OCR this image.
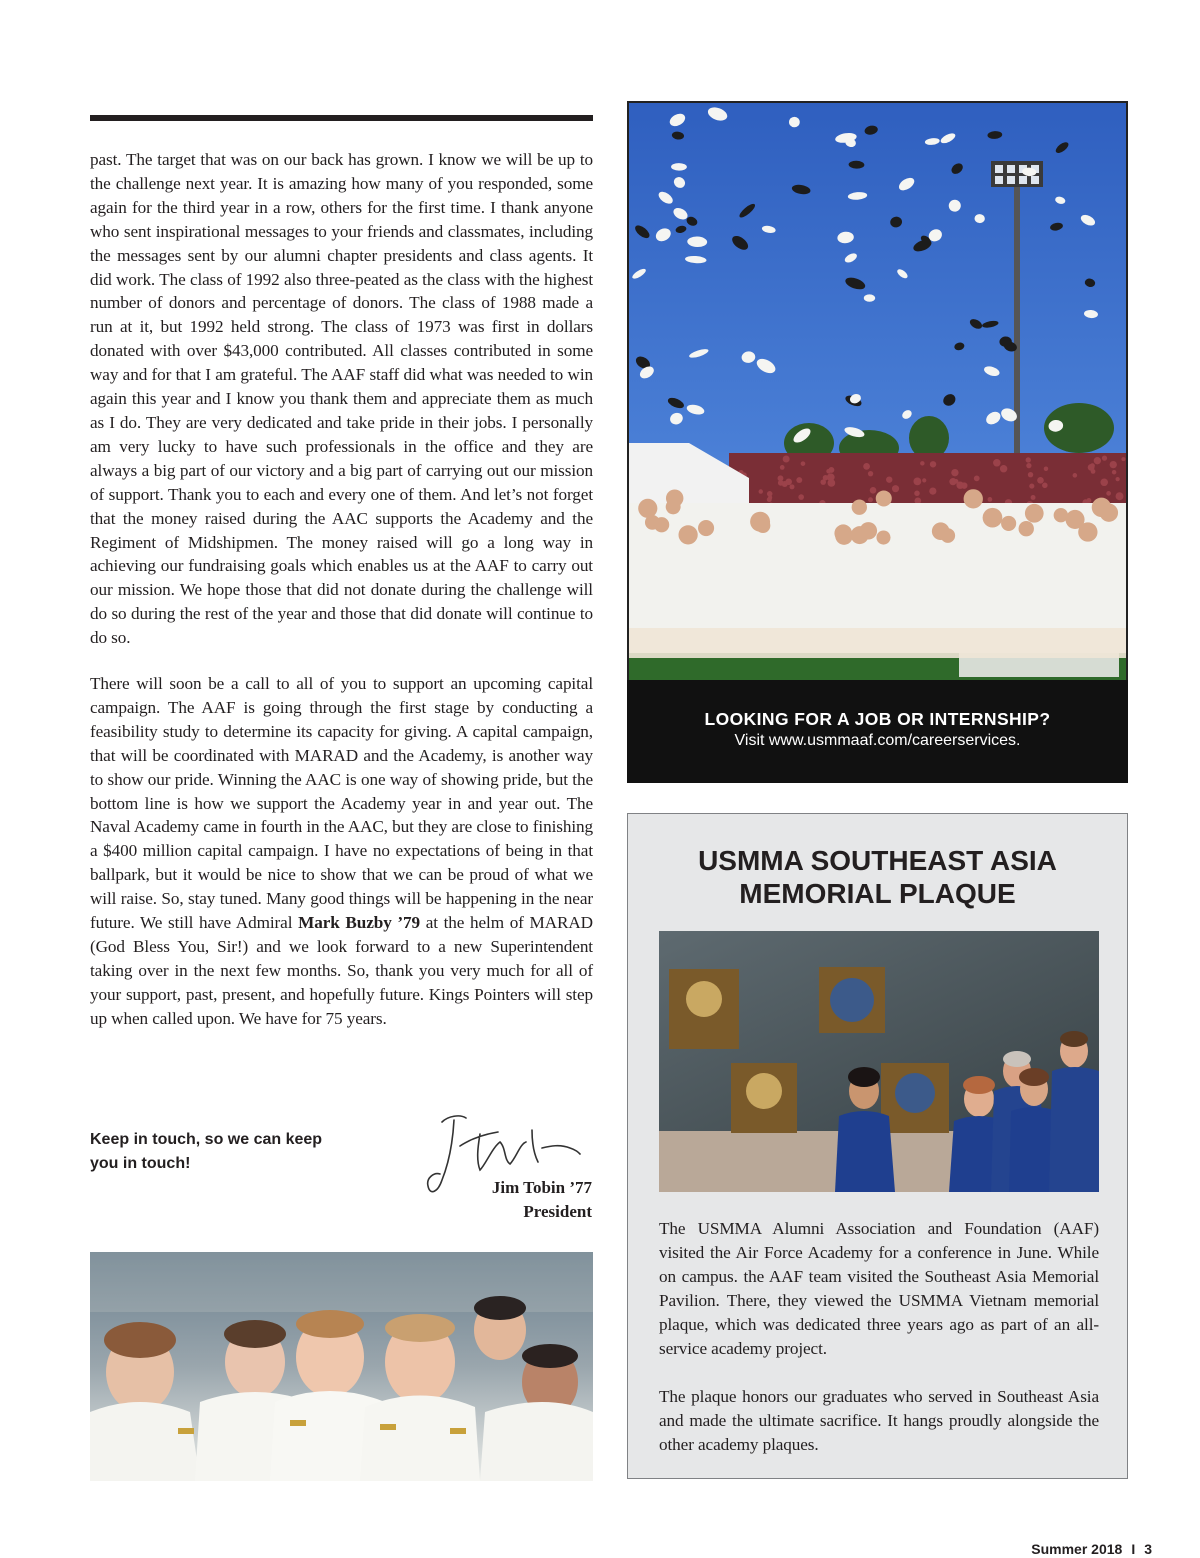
past. The target that was on our back has grown. I know we will be up to the challenge next year. It is amazing how many of you responded, some again for the third year in a row, others for the first time. I thank anyone who sent inspirational messages to your friends and classmates, including the messages sent by our alumni chapter presidents and class agents. It did work. The class of 1992 also three-peated as the class with the highest number of donors and percentage of donors. The class of 1988 made a run at it, but 1992 held strong. The class of 1973 was first in dollars donated with over $43,000 contributed. All classes contributed in some way and for that I am grateful. The AAF staff did what was needed to win again this year and I know you thank them and appreciate them as much as I do. They are very dedicated and take pride in their jobs. I personally am very lucky to have such professionals in the office and they are always a big part of our victory and a big part of carrying out our mission of support. Thank you to each and every one of them. And let’s not forget that the money raised during the AAC supports the Academy and the Regiment of Midshipmen. The money raised will go a long way in achieving our fundraising goals which enables us at the AAF to carry out our mission. We hope those that did not donate during the challenge will do so during the rest of the year and those that did donate will continue to do so.

There will soon be a call to all of you to support an upcoming capital campaign. The AAF is going through the first stage by conducting a feasibility study to determine its capacity for giving. A capital campaign, that will be coordinated with MARAD and the Academy, is another way to show our pride. Winning the AAC is one way of showing pride, but the bottom line is how we support the Academy year in and year out. The Naval Academy came in fourth in the AAC, but they are close to finishing a $400 million capital campaign. I have no expectations of being in that ballpark, but it would be nice to show that we can be proud of what we will raise. So, stay tuned. Many good things will be happening in the near future. We still have Admiral Mark Buzby ’79 at the helm of MARAD (God Bless You, Sir!) and we look forward to a new Superintendent taking over in the next few months. So, thank you very much for all of your support, past, present, and hopefully future. Kings Pointers will step up when called upon. We have for 75 years.

Keep in touch, so we can keep you in touch!
Jim Tobin ’77
President
LOOKING FOR A JOB OR INTERNSHIP?
Visit www.usmmaaf.com/careerservices.
USMMA SOUTHEAST ASIA
MEMORIAL PLAQUE

The USMMA Alumni Association and Foundation (AAF) visited the Air Force Academy for a conference in June. While on campus. the AAF team visited the Southeast Asia Memorial Pavilion. There, they viewed the USMMA Vietnam memorial plaque, which was dedicated three years ago as part of an all-service academy project.

The plaque honors our graduates who served in Southeast Asia and made the ultimate sacrifice. It hangs proudly alongside the other academy plaques.

Summer 2018 I 3
